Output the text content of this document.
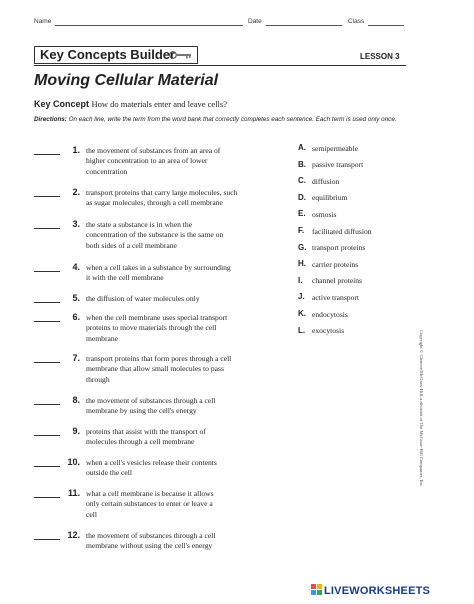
Name	Date	Class
Key Concepts Builder	LESSON 3
Moving Cellular Material
Key Concept How do materials enter and leave cells?
Directions: On each line, write the term from the word bank that correctly completes each sentence. Each term is used only once.
1. the movement of substances from an area of
higher concentration to an area of lower
concentration
2. transport proteins that carry large molecules, such
as sugar molecules, through a cell membrane
3. the state a substance is in when the
concentration of the substance is the same on
both sides of a cell membrane
4. when a cell takes in a substance by surrounding
it with the cell membrane
5. the diffusion of water molecules only
6. when the cell membrane uses special transport
proteins to move materials through the cell
membrane
7. transport proteins that form pores through a cell
membrane that allow small molecules to pass
through
8. the movement of substances through a cell
membrane by using the cell's energy
9. proteins that assist with the transport of
molecules through a cell membrane
10. when a cell's vesicles release their contents
outside the cell
11. what a cell membrane is because it allows
only certain substances to enter or leave a
cell
12. the movement of substances through a cell
membrane without using the cell's energy
A. semipermeable
B. passive transport
C. diffusion
D. equilibrium
E. osmosis
F.	facilitated diffusion
G. transport proteins
H. carrier proteins
I.	channel proteins
J. active transport
K. endocytosis
L. exocytosis	Copyright © Glencoe/McGraw-Hill, a division of The McGraw-Hill Companies, Inc.
LIVEWORKSHEETS
